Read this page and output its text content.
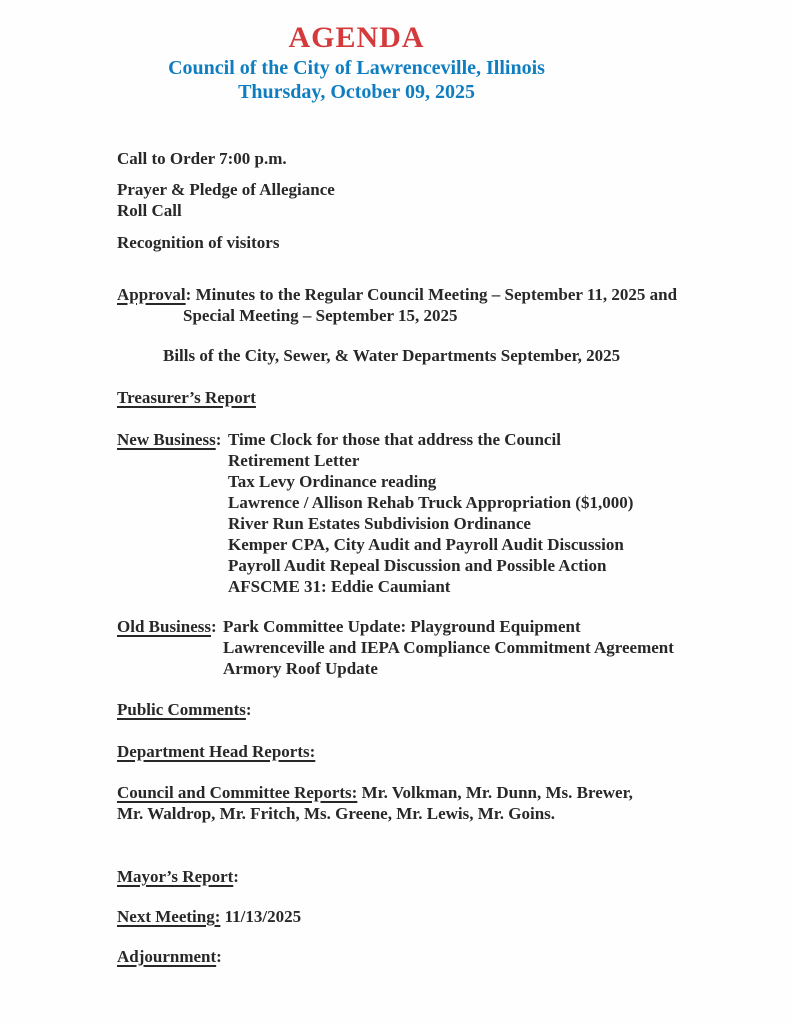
AGENDA
Council of the City of Lawrenceville, Illinois
Thursday, October 09, 2025
Call to Order 7:00 p.m.
Prayer & Pledge of Allegiance
Roll Call
Recognition of visitors
Approval: Minutes to the Regular Council Meeting – September 11, 2025 and
Special Meeting – September 15, 2025
Bills of the City, Sewer, & Water Departments September, 2025
Treasurer’s Report
New Business: Time Clock for those that address the Council
Retirement Letter
Tax Levy Ordinance reading
Lawrence / Allison Rehab Truck Appropriation ($1,000)
River Run Estates Subdivision Ordinance
Kemper CPA, City Audit and Payroll Audit Discussion
Payroll Audit Repeal Discussion and Possible Action
AFSCME 31: Eddie Caumiant
Old Business: Park Committee Update: Playground Equipment
Lawrenceville and IEPA Compliance Commitment Agreement
Armory Roof Update
Public Comments:
Department Head Reports:
Council and Committee Reports: Mr. Volkman, Mr. Dunn, Ms. Brewer,
Mr. Waldrop, Mr. Fritch, Ms. Greene, Mr. Lewis, Mr. Goins.
Mayor’s Report:
Next Meeting: 11/13/2025
Adjournment:
